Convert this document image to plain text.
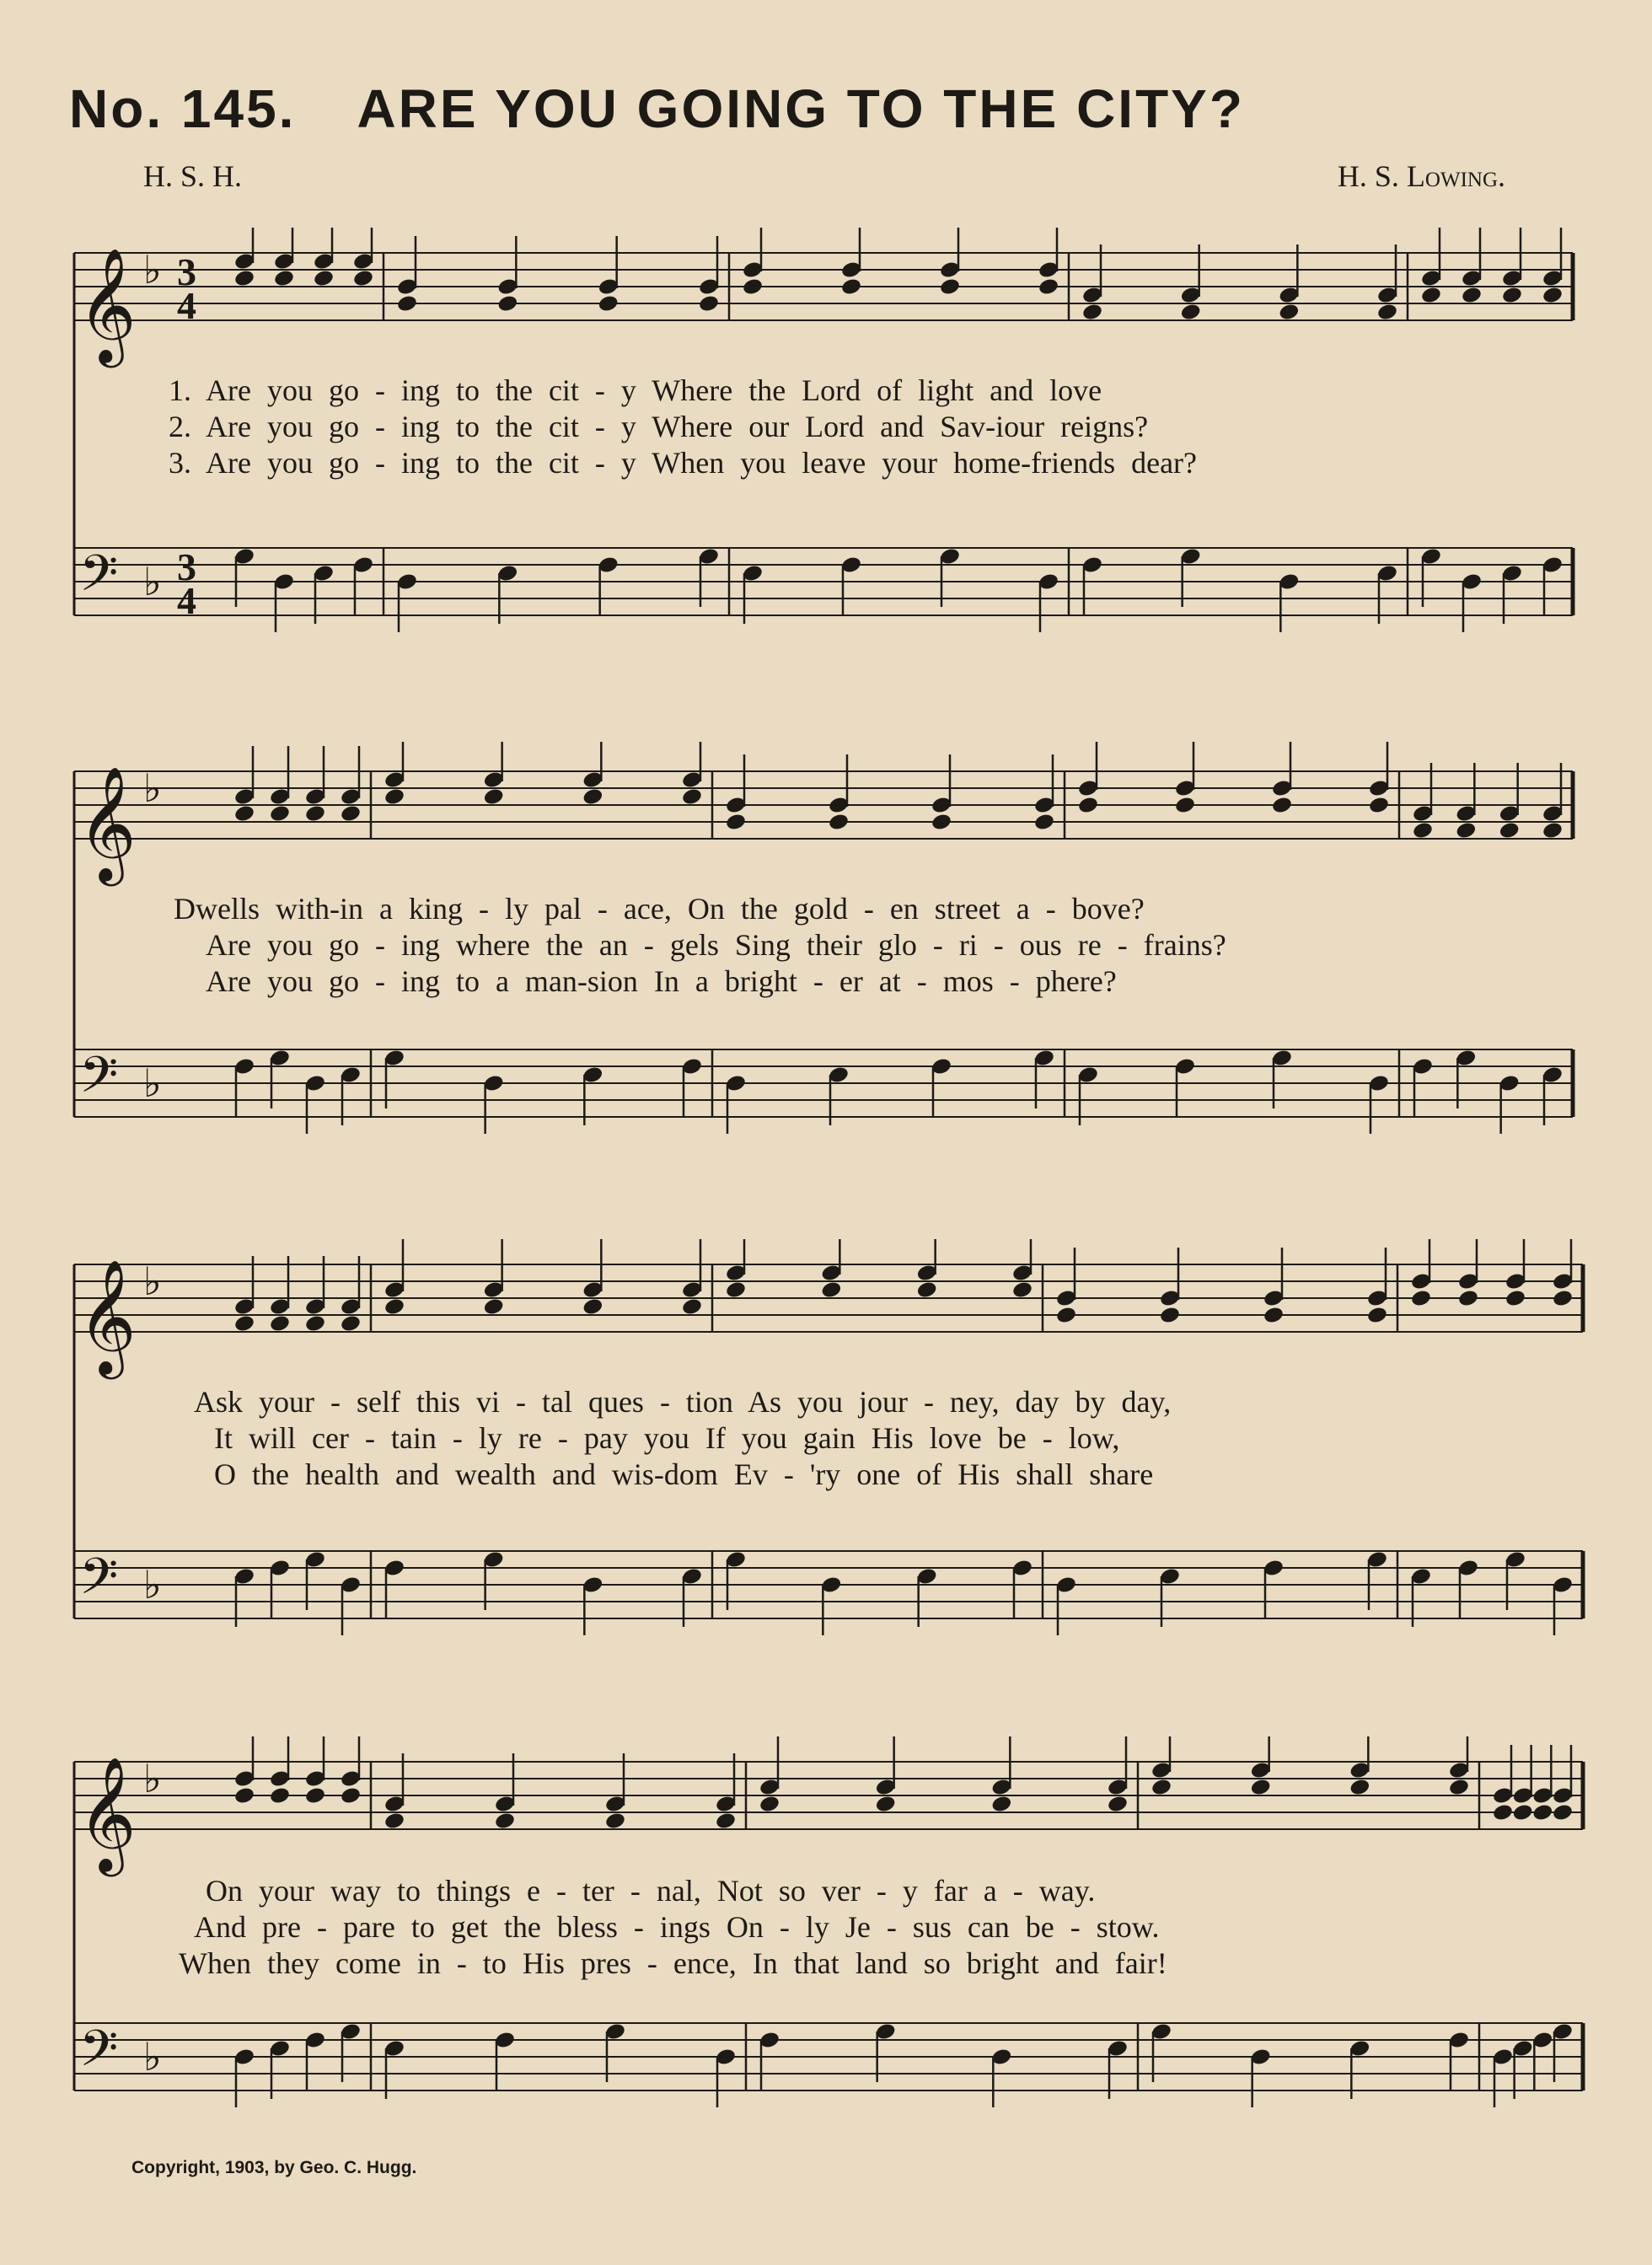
No. 145. ARE YOU GOING TO THE CITY?
H. S. H.	H. S. Lowing.
𝄞 ♭ 3
4
𝄢 ♭ 3
4
1. Are you go - ing to the cit - y Where the Lord of light and love
2. Are you go - ing to the cit - y Where our Lord and Sav-iour reigns?
3. Are you go - ing to the cit - y When you leave your home-friends dear?
𝄞 ♭
𝄢 ♭
Dwells with-in a king - ly pal - ace, On the gold - en street a - bove?
Are you go - ing where the an - gels Sing their glo - ri - ous re - frains?
Are you go - ing to a man-sion In a bright - er at - mos - phere?
𝄞 ♭
𝄢 ♭
Ask your - self this vi - tal ques - tion As you jour - ney, day by day,
It will cer - tain - ly re - pay you If you gain His love be - low,
O the health and wealth and wis-dom Ev - 'ry one of His shall share
𝄞 ♭
𝄢 ♭
On your way to things e - ter - nal, Not so ver - y far a - way.
And pre - pare to get the bless - ings On - ly Je - sus can be - stow.
When they come in - to His pres - ence, In that land so bright and fair!
Copyright, 1903, by Geo. C. Hugg.
